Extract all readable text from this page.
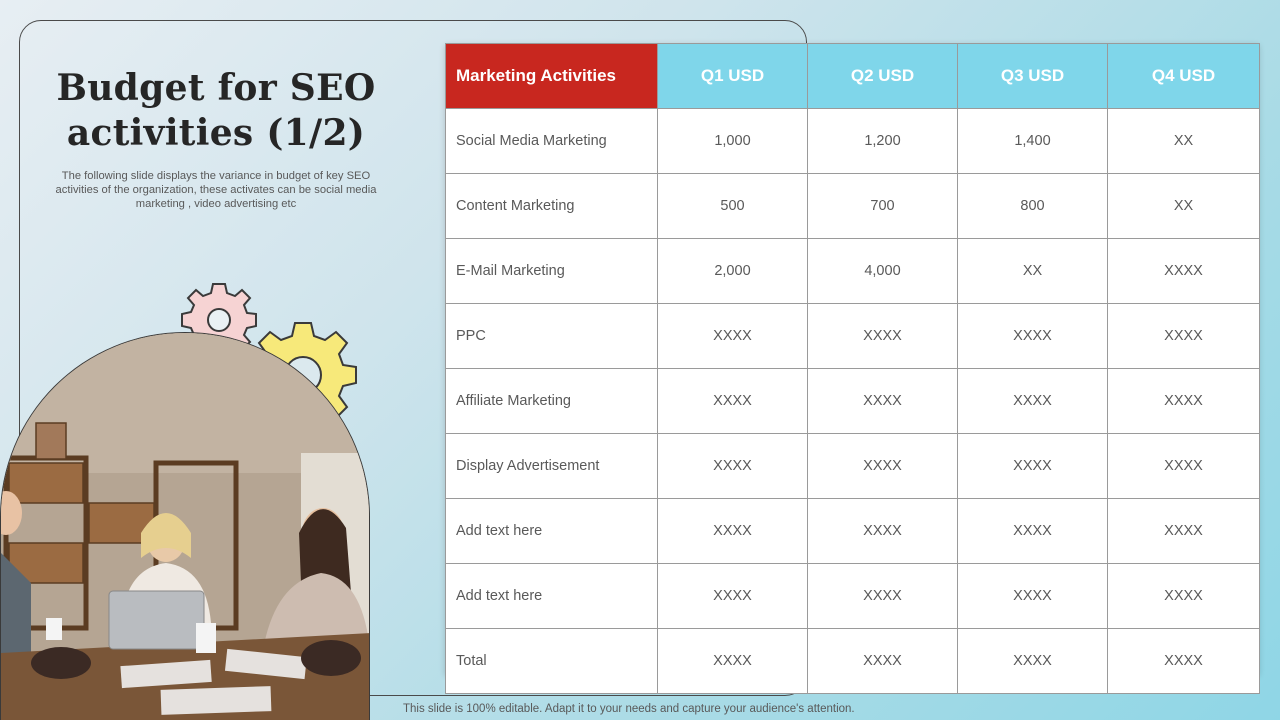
Budget for SEO activities (1/2)

The following slide displays the variance in budget of key SEO activities of the organization, these activates can be social media marketing , video advertising etc

Marketing Activities	Q1 USD	Q2 USD	Q3 USD	Q4 USD
Social Media Marketing	1,000	1,200	1,400	XX
Content Marketing	500	700	800	XX
E-Mail Marketing	2,000	4,000	XX	XXXX
PPC	XXXX	XXXX	XXXX	XXXX
Affiliate Marketing	XXXX	XXXX	XXXX	XXXX
Display Advertisement	XXXX	XXXX	XXXX	XXXX
Add text here	XXXX	XXXX	XXXX	XXXX
Add text here	XXXX	XXXX	XXXX	XXXX
Total	XXXX	XXXX	XXXX	XXXX

This slide is 100% editable. Adapt it to your needs and capture your audience's attention.
